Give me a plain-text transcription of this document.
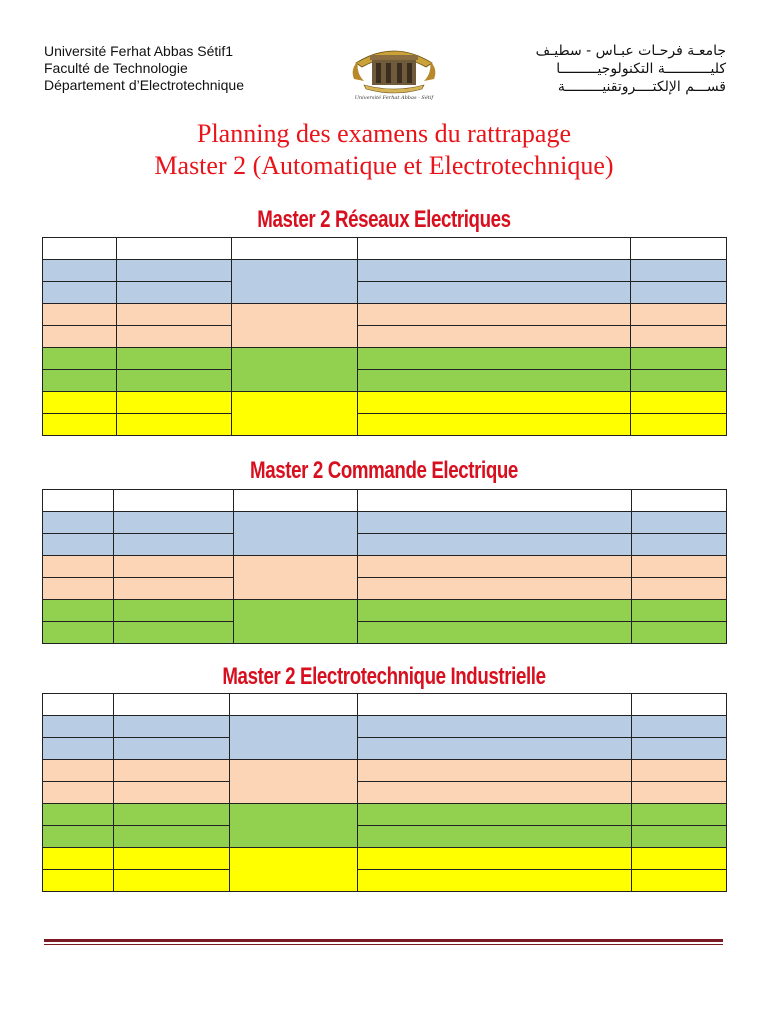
Université Ferhat Abbas Sétif1
Faculté de Technologie
Département d’Electrotechnique
Université Ferhat Abbas - Sétif
جامعـة فرحـات عبـاس - سطيـف
كليـــــــــــة التكنولوجيـــــــــا
قســـم الإلكتــــروتقنيـــــــــة
Planning des examens du rattrapage
Master 2 (Automatique et Electrotechnique)
Master 2 Réseaux Electriques

Master 2 Commande Electrique

Master 2 Electrotechnique Industrielle
